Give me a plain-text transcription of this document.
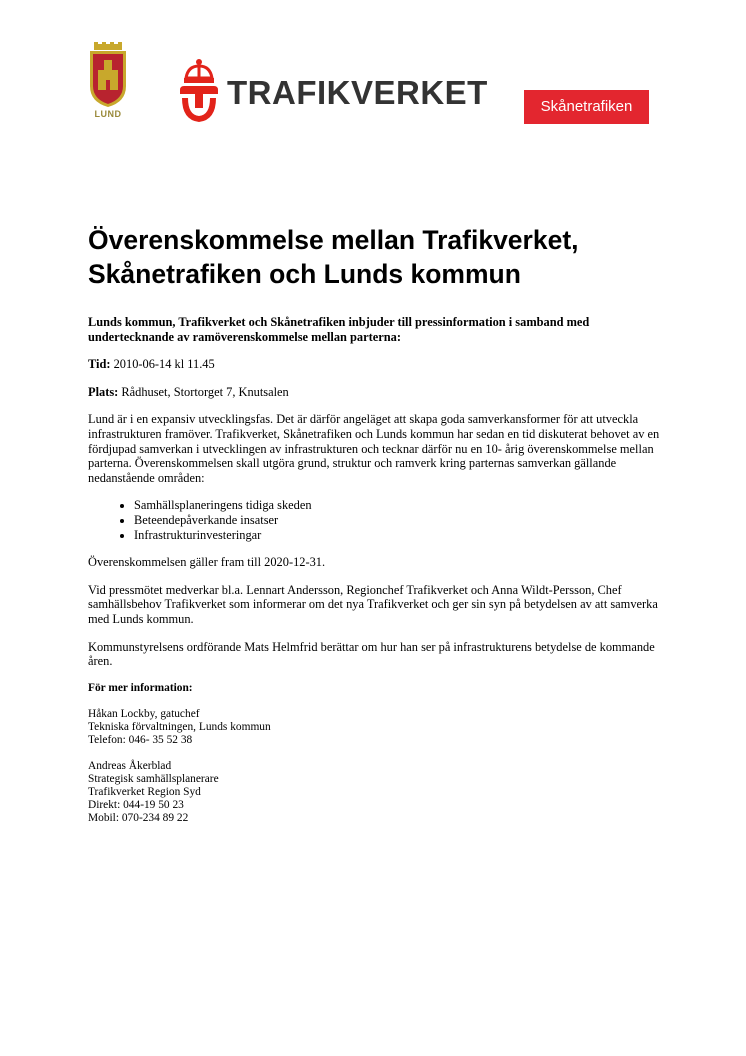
LUND
TRAFIKVERKET	Skånetrafiken
Överenskommelse mellan Trafikverket, Skånetrafiken och Lunds kommun

Lunds kommun, Trafikverket och Skånetrafiken inbjuder till pressinformation i samband med undertecknande av ramöverenskommelse mellan parterna:

Tid: 2010-06-14 kl 11.45

Plats: Rådhuset, Stortorget 7, Knutsalen

Lund är i en expansiv utvecklingsfas. Det är därför angeläget att skapa goda samverkansformer för att utveckla infrastrukturen framöver. Trafikverket, Skånetrafiken och Lunds kommun har sedan en tid diskuterat behovet av en fördjupad samverkan i utvecklingen av infrastrukturen och tecknar därför nu en 10- årig överenskommelse mellan parterna. Överenskommelsen skall utgöra grund, struktur och ramverk kring parternas samverkan gällande nedanstående områden:

• Samhällsplaneringens tidiga skeden
• Beteendepåverkande insatser
• Infrastrukturinvesteringar

Överenskommelsen gäller fram till 2020-12-31.

Vid pressmötet medverkar bl.a. Lennart Andersson, Regionchef Trafikverket och Anna Wildt-Persson, Chef samhällsbehov Trafikverket som informerar om det nya Trafikverket och ger sin syn på betydelsen av att samverka med Lunds kommun.

Kommunstyrelsens ordförande Mats Helmfrid berättar om hur han ser på infrastrukturens betydelse de kommande åren.

För mer information:

Håkan Lockby, gatuchef
Tekniska förvaltningen, Lunds kommun
Telefon: 046- 35 52 38
Andreas Åkerblad
Strategisk samhällsplanerare
Trafikverket Region Syd
Direkt: 044-19 50 23
Mobil: 070-234 89 22
